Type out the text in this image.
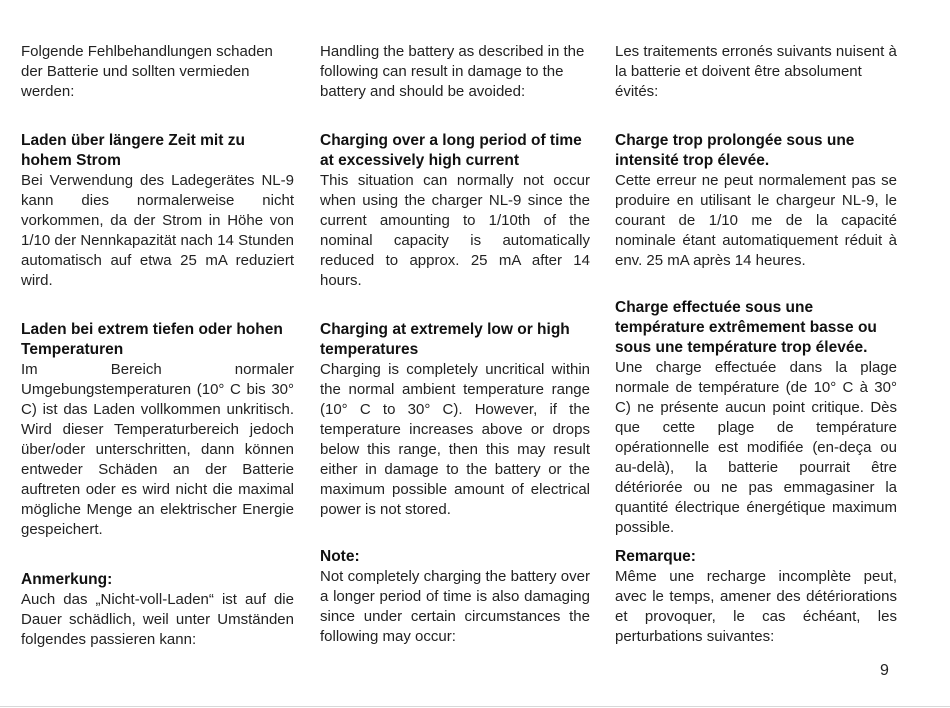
Folgende Fehlbehandlungen schaden der Batterie und sollten vermieden werden:
Laden über längere Zeit mit zu hohem Strom
Bei Verwendung des Ladegerätes NL-9 kann dies normalerweise nicht vorkommen, da der Strom in Höhe von 1/10 der Nennkapazität nach 14 Stunden automatisch auf etwa 25 mA reduziert wird.
Laden bei extrem tiefen oder hohen Temperaturen
Im Bereich normaler Umgebungstemperaturen (10° C bis 30° C) ist das Laden vollkommen unkritisch. Wird dieser Temperaturbereich jedoch über/oder unterschritten, dann können entweder Schäden an der Batterie auftreten oder es wird nicht die maximal mögliche Menge an elektrischer Energie gespeichert.
Anmerkung:
Auch das „Nicht-voll-Laden“ ist auf die Dauer schädlich, weil unter Umständen folgendes passieren kann:
Handling the battery as described in the following can result in damage to the battery and should be avoided:
Charging over a long period of time at excessively high current
This situation can normally not occur when using the charger NL-9 since the current amounting to 1/10th of the nominal capacity is automatically reduced to approx. 25 mA after 14 hours.
Charging at extremely low or high temperatures
Charging is completely uncritical within the normal ambient temperature range (10° C to 30° C). However, if the temperature increases above or drops below this range, then this may result either in damage to the battery or the maximum possible amount of electrical power is not stored.
Note:
Not completely charging the battery over a longer period of time is also damaging since under certain circumstances the following may occur:
Les traitements erronés suivants nuisent à la batterie et doivent être absolument évités:
Charge trop prolongée sous une intensité trop élevée.
Cette erreur ne peut normalement pas se produire en utilisant le chargeur NL-9, le courant de 1/10 me de la capacité nominale étant automatiquement réduit à env. 25 mA après 14 heures.
Charge effectuée sous une température extrêmement basse ou sous une température trop élevée.
Une charge effectuée dans la plage normale de température (de 10° C à 30° C) ne présente aucun point critique. Dès que cette plage de température opérationnelle est modifiée (en-deça ou au-delà), la batterie pourrait être détériorée ou ne pas emmagasiner la quantité électrique énergétique maximum possible.
Remarque:
Même une recharge incomplète peut, avec le temps, amener des détériorations et provoquer, le cas échéant, les perturbations suivantes:
9
